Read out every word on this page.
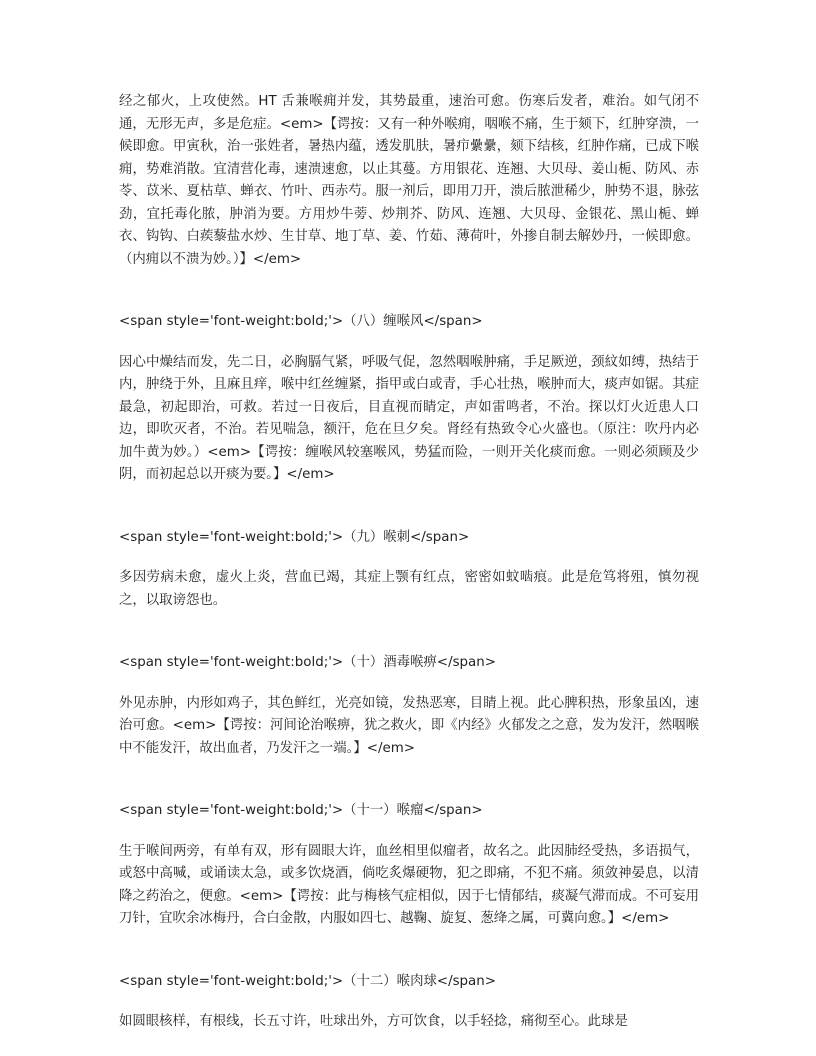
经之郁火，上攻使然。HT 舌兼喉痈并发，其势最重，速治可愈。伤寒后发者，难治。如气闭不通，无形无声，多是危症。<em>【谔按：又有一种外喉痈，咽喉不痛，生于颏下，红肿穿溃，一候即愈。甲寅秋，治一张姓者，暑热内蕴，透发肌肤，暑疖纍纍，颏下结核，红肿作痛，已成下喉痈，势难消散。宜清营化毒，速溃速愈，以止其蔓。方用银花、连翘、大贝母、姜山栀、防风、赤苓、苡米、夏枯草、蝉衣、竹叶、西赤芍。服一剂后，即用刀开，溃后脓泄稀少，肿势不退，脉弦劲，宜托毒化脓，肿消为要。方用炒牛蒡、炒荆芥、防风、连翘、大贝母、金银花、黑山栀、蝉衣、钩钩、白蒺藜盐水炒、生甘草、地丁草、姜、竹茹、薄荷叶，外掺自制去解妙丹，一候即愈。（内痈以不溃为妙。）】</em>

<span style='font-weight:bold;'>（八）缠喉风</span>

因心中燥结而发，先二日，必胸膈气紧，呼吸气促，忽然咽喉肿痛，手足厥逆，颈紋如缚，热结于内，肿绕于外，且麻且痒，喉中红丝缠紧，指甲或白或青，手心壮热，喉肿而大，痰声如锯。其症最急，初起即治，可救。若过一日夜后，目直视而睛定，声如雷鸣者，不治。探以灯火近患人口边，即吹灭者，不治。若见喘急，额汗，危在旦夕矣。肾经有热致令心火盛也。（原注：吹丹内必加牛黄为妙。）<em>【谔按：缠喉风较塞喉风，势猛而险，一则开关化痰而愈。一则必须顾及少阴，而初起总以开痰为要。】</em>

<span style='font-weight:bold;'>（九）喉刺</span>

多因劳病未愈，虚火上炎，营血已竭，其症上颚有红点，密密如蚊啮痕。此是危笃将殂，慎勿视之，以取谤怨也。

<span style='font-weight:bold;'>（十）酒毒喉痹</span>

外见赤肿，内形如鸡子，其色鲜红，光亮如镜，发热恶寒，目睛上视。此心脾积热，形象虽凶，速治可愈。<em>【谔按：河间论治喉痹，犹之救火，即《内经》火郁发之之意，发为发汗，然咽喉中不能发汗，故出血者，乃发汗之一端。】</em>

<span style='font-weight:bold;'>（十一）喉瘤</span>

生于喉间两旁，有单有双，形有圆眼大许，血丝相里似瘤者，故名之。此因肺经受热，多语损气，或怒中高喊，或诵读太急，或多饮烧酒，倘吃炙爆硬物，犯之即痛，不犯不痛。须敛神晏息，以清降之药治之，便愈。<em>【谔按：此与梅核气症相似，因于七情郁结，痰凝气滞而成。不可妄用刀针，宜吹余冰梅丹，合白金散，内服如四七、越鞠、旋复、葱绛之属，可冀向愈。】</em>

<span style='font-weight:bold;'>（十二）喉肉球</span>

如圆眼核样，有根线，长五寸许，吐球出外，方可饮食，以手轻捻，痛彻至心。此球是
